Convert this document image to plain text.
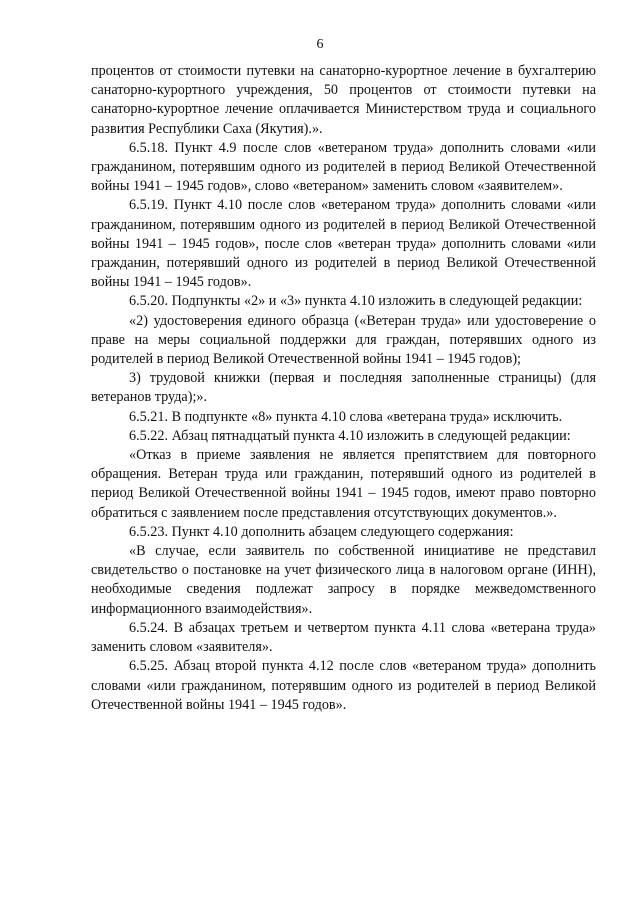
6

процентов от стоимости путевки на санаторно-курортное лечение в бухгалтерию санаторно-курортного учреждения, 50 процентов от стоимости путевки на санаторно-курортное лечение оплачивается Министерством труда и социального развития Республики Саха (Якутия).».

6.5.18. Пункт 4.9 после слов «ветераном труда» дополнить словами «или гражданином, потерявшим одного из родителей в период Великой Отечественной войны 1941 – 1945 годов», слово «ветераном» заменить словом «заявителем».

6.5.19. Пункт 4.10 после слов «ветераном труда» дополнить словами «или гражданином, потерявшим одного из родителей в период Великой Отечественной войны 1941 – 1945 годов», после слов «ветеран труда» дополнить словами «или гражданин, потерявший одного из родителей в период Великой Отечественной войны 1941 – 1945 годов».

6.5.20. Подпункты «2» и «3» пункта 4.10 изложить в следующей редакции:

«2) удостоверения единого образца («Ветеран труда» или удостоверение о праве на меры социальной поддержки для граждан, потерявших одного из родителей в период Великой Отечественной войны 1941 – 1945 годов);

3) трудовой книжки (первая и последняя заполненные страницы) (для ветеранов труда);».

6.5.21. В подпункте «8» пункта 4.10 слова «ветерана труда» исключить.

6.5.22. Абзац пятнадцатый пункта 4.10 изложить в следующей редакции:

«Отказ в приеме заявления не является препятствием для повторного обращения. Ветеран труда или гражданин, потерявший одного из родителей в период Великой Отечественной войны 1941 – 1945 годов, имеют право повторно обратиться с заявлением после представления отсутствующих документов.».

6.5.23. Пункт 4.10 дополнить абзацем следующего содержания:

«В случае, если заявитель по собственной инициативе не представил свидетельство о постановке на учет физического лица в налоговом органе (ИНН), необходимые сведения подлежат запросу в порядке межведомственного информационного взаимодействия».

6.5.24. В абзацах третьем и четвертом пункта 4.11 слова «ветерана труда» заменить словом «заявителя».

6.5.25. Абзац второй пункта 4.12 после слов «ветераном труда» дополнить словами «или гражданином, потерявшим одного из родителей в период Великой Отечественной войны 1941 – 1945 годов».
